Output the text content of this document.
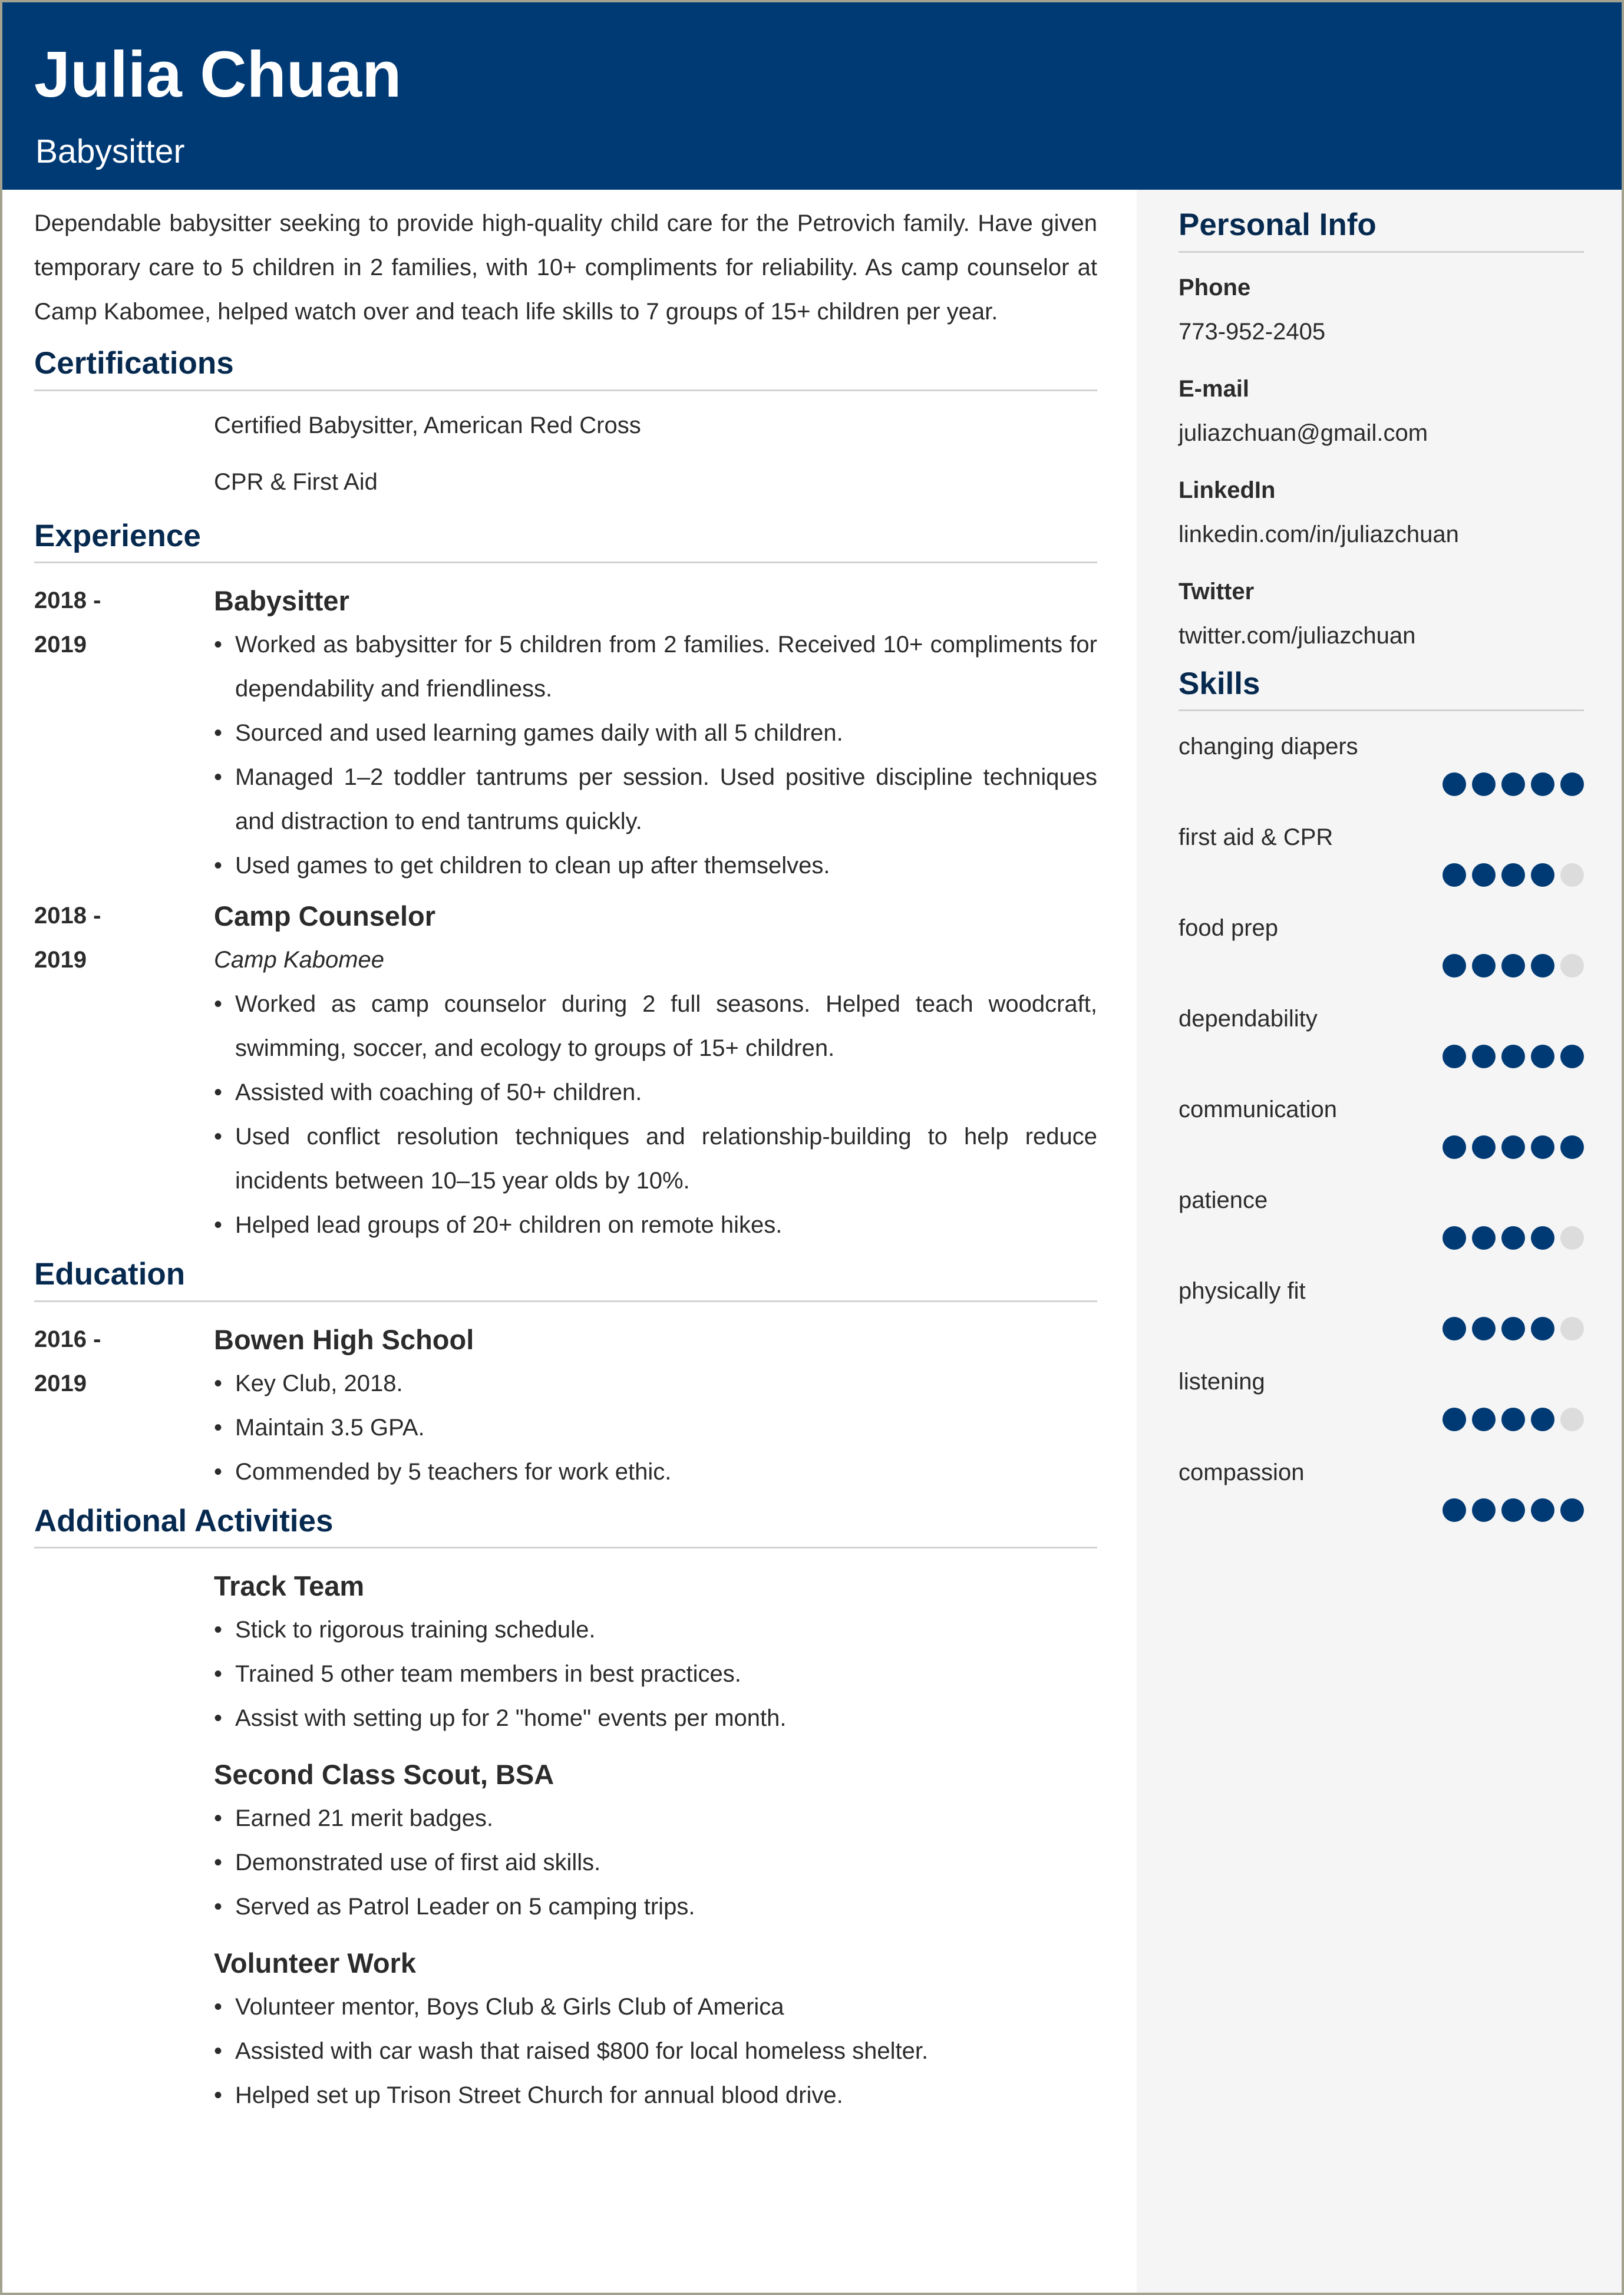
Julia Chuan
Babysitter

Dependable babysitter seeking to provide high-quality child care for the Petrovich family. Have given temporary care to 5 children in 2 families, with 10+ compliments for reliability. As camp counselor at Camp Kabomee, helped watch over and teach life skills to 7 groups of 15+ children per year.

Certifications
Certified Babysitter, American Red Cross
CPR & First Aid
Experience
2018 -
2019
Babysitter
• Worked as babysitter for 5 children from 2 families. Received 10+ compliments for dependability and friendliness.
• Sourced and used learning games daily with all 5 children.
• Managed 1–2 toddler tantrums per session. Used positive discipline techniques and distraction to end tantrums quickly.
• Used games to get children to clean up after themselves.
2018 -
2019
Camp Counselor
Camp Kabomee
• Worked as camp counselor during 2 full seasons. Helped teach woodcraft, swimming, soccer, and ecology to groups of 15+ children.
• Assisted with coaching of 50+ children.
• Used conflict resolution techniques and relationship-building to help reduce incidents between 10–15 year olds by 10%.
• Helped lead groups of 20+ children on remote hikes.
Education
2016 -
2019
Bowen High School
• Key Club, 2018.
• Maintain 3.5 GPA.
• Commended by 5 teachers for work ethic.
Additional Activities
Track Team
• Stick to rigorous training schedule.
• Trained 5 other team members in best practices.
• Assist with setting up for 2 "home" events per month.
Second Class Scout, BSA
• Earned 21 merit badges.
• Demonstrated use of first aid skills.
• Served as Patrol Leader on 5 camping trips.
Volunteer Work
• Volunteer mentor, Boys Club & Girls Club of America
• Assisted with car wash that raised $800 for local homeless shelter.
• Helped set up Trison Street Church for annual blood drive.
Personal Info
Phone
773-952-2405
E-mail
juliazchuan@gmail.com
LinkedIn
linkedin.com/in/juliazchuan
Twitter
twitter.com/juliazchuan
Skills
changing diapers
first aid & CPR
food prep
dependability
communication
patience
physically fit
listening
compassion
